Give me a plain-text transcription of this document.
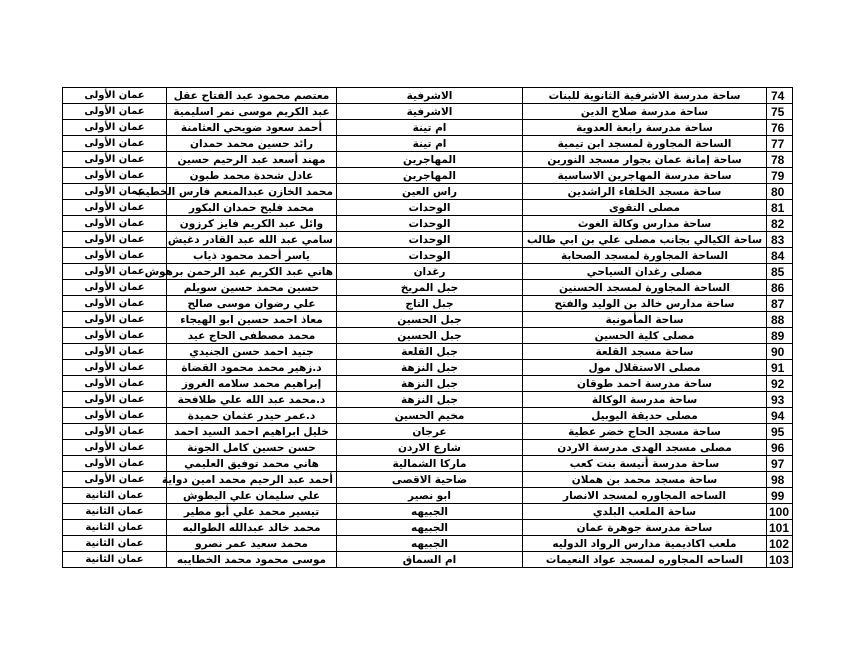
74	ساحة مدرسة الاشرفية الثانوية للبنات	الاشرفية	معتصم محمود عبد الفتاح عقل	عمان الأولى
75	ساحة مدرسة صلاح الدين	الاشرفية	عبد الكريم موسى نمر اسليمية	عمان الأولى
76	ساحة مدرسة رابعة العدوية	ام تينة	أحمد سعود ضويحي العثامنة	عمان الأولى
77	الساحة المجاورة لمسجد ابن تيمية	ام تينة	رائد حسين محمد حمدان	عمان الأولى
78	ساحة إمانة عمان بجوار مسجد النورين	المهاجرين	مهند أسعد عبد الرحيم حسين	عمان الأولى
79	ساحة مدرسة المهاجرين الاساسية	المهاجرين	عادل شحدة محمد طبون	عمان الأولى
80	ساحة مسجد الخلفاء الراشدين	راس العين	محمد الخازن عبدالمنعم فارس الخطيب	عمان الأولى
81	مصلى التقوى	الوحدات	محمد فليح حمدان البكور	عمان الأولى
82	ساحة مدارس وكالة الغوث	الوحدات	وائل عبد الكريم فايز كرزون	عمان الأولى
83	ساحة الكيالي بجانب مصلى علي بن ابي طالب	الوحدات	سامي عبد الله عبد القادر دغيش	عمان الأولى
84	الساحة المجاورة لمسجد الصحابة	الوحدات	ياسر أحمد محمود ذياب	عمان الأولى
85	مصلى رغدان السياحي	رغدان	هاني عبد الكريم عبد الرحمن برهوش	عمان الأولى
86	الساحة المجاورة لمسجد الحسنين	جبل المريخ	حسين محمد حسين سويلم	عمان الأولى
87	ساحة مدارس خالد بن الوليد والفتح	جبل التاج	علي رضوان موسى صالح	عمان الأولى
88	ساحة المأمونية	جبل الحسين	معاذ احمد حسين ابو الهيجاء	عمان الأولى
89	مصلى كلية الحسين	جبل الحسين	محمد مصطفى الحاج عيد	عمان الأولى
90	ساحة مسجد القلعة	جبل القلعة	جنيد احمد حسن الجنيدي	عمان الأولى
91	مصلى الاستقلال مول	جبل النزهة	د.زهير محمد محمود القضاة	عمان الأولى
92	ساحة مدرسة احمد طوقان	جبل النزهة	إبراهيم محمد سلامه الغروز	عمان الأولى
93	ساحة مدرسة الوكالة	جبل النزهة	د.محمد عبد الله علي طلافحة	عمان الأولى
94	مصلى حديقة اليوبيل	مخيم الحسين	د.عمر حيدر عثمان حميدة	عمان الأولى
95	ساحة مسجد الحاج خضر عطية	عرجان	خليل ابراهيم احمد السيد احمد	عمان الأولى
96	مصلى مسجد الهدى مدرسة الاردن	شارع الاردن	حسن حسين كامل الجونة	عمان الأولى
97	ساحة مدرسة أنيسة بنت كعب	ماركا الشمالية	هاني محمد توفيق العليمي	عمان الأولى
98	ساحة مسجد محمد بن هملان	ضاحية الاقصى	أحمد عبد الرحيم محمد امين دواية	عمان الأولى
99	الساحه المجاوره لمسجد الانصار	ابو نصير	علي سليمان علي اليطوش	عمان الثانية
100	ساحة الملعب البلدي	الجبيهه	تيسير محمد علي أبو مطير	عمان الثانية
101	ساحة مدرسة جوهرة عمان	الجبيهه	محمد خالد عبدالله الطوالبه	عمان الثانية
102	ملعب اكاديمية مدارس الرواد الدوليه	الجبيهه	محمد سعيد عمر نصرو	عمان الثانية
103	الساحه المجاوره لمسجد عواد النعيمات	ام السماق	موسى محمود محمد الخطايبه	عمان الثانية
